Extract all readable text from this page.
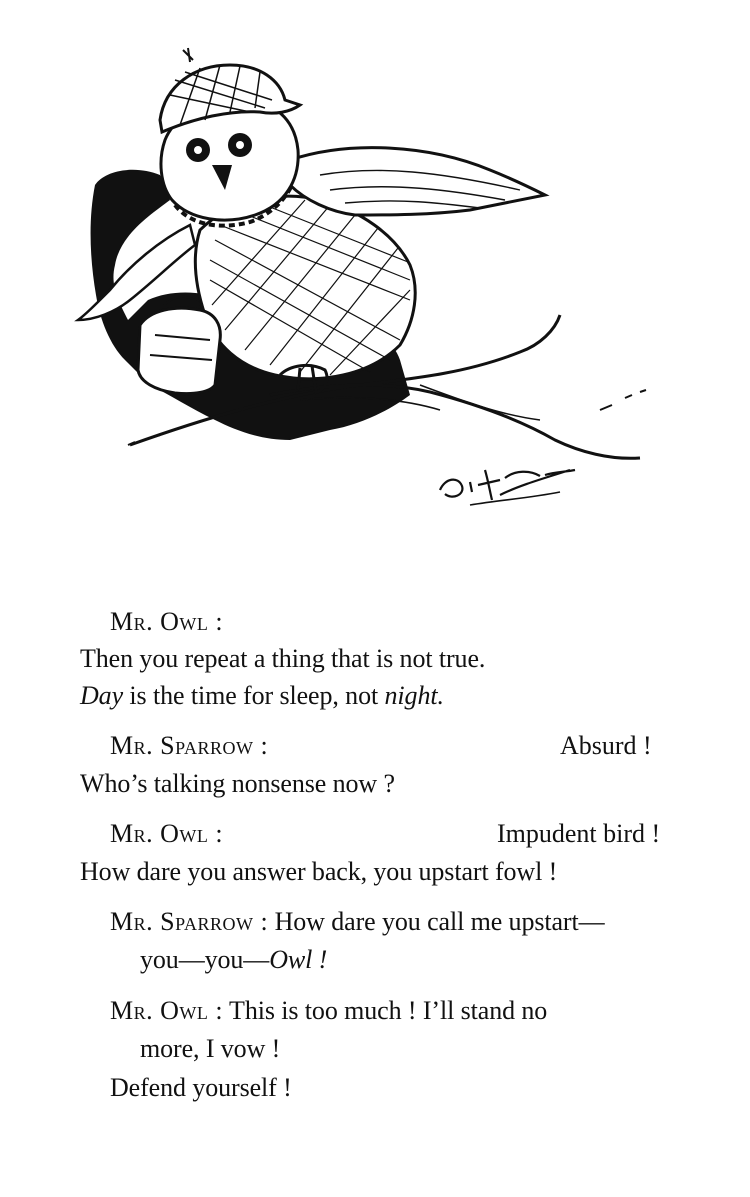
Mr. Owl :
Then you repeat a thing that is not true.
Day is the time for sleep, not night.
Mr. Sparrow :	Absurd !
Who’s talking nonsense now ?
Mr. Owl :	Impudent bird !
How dare you answer back, you upstart fowl !
Mr. Sparrow : How dare you call me upstart—
you—you—Owl !
Mr. Owl : This is too much ! I’ll stand no
more, I vow !
Defend yourself !
